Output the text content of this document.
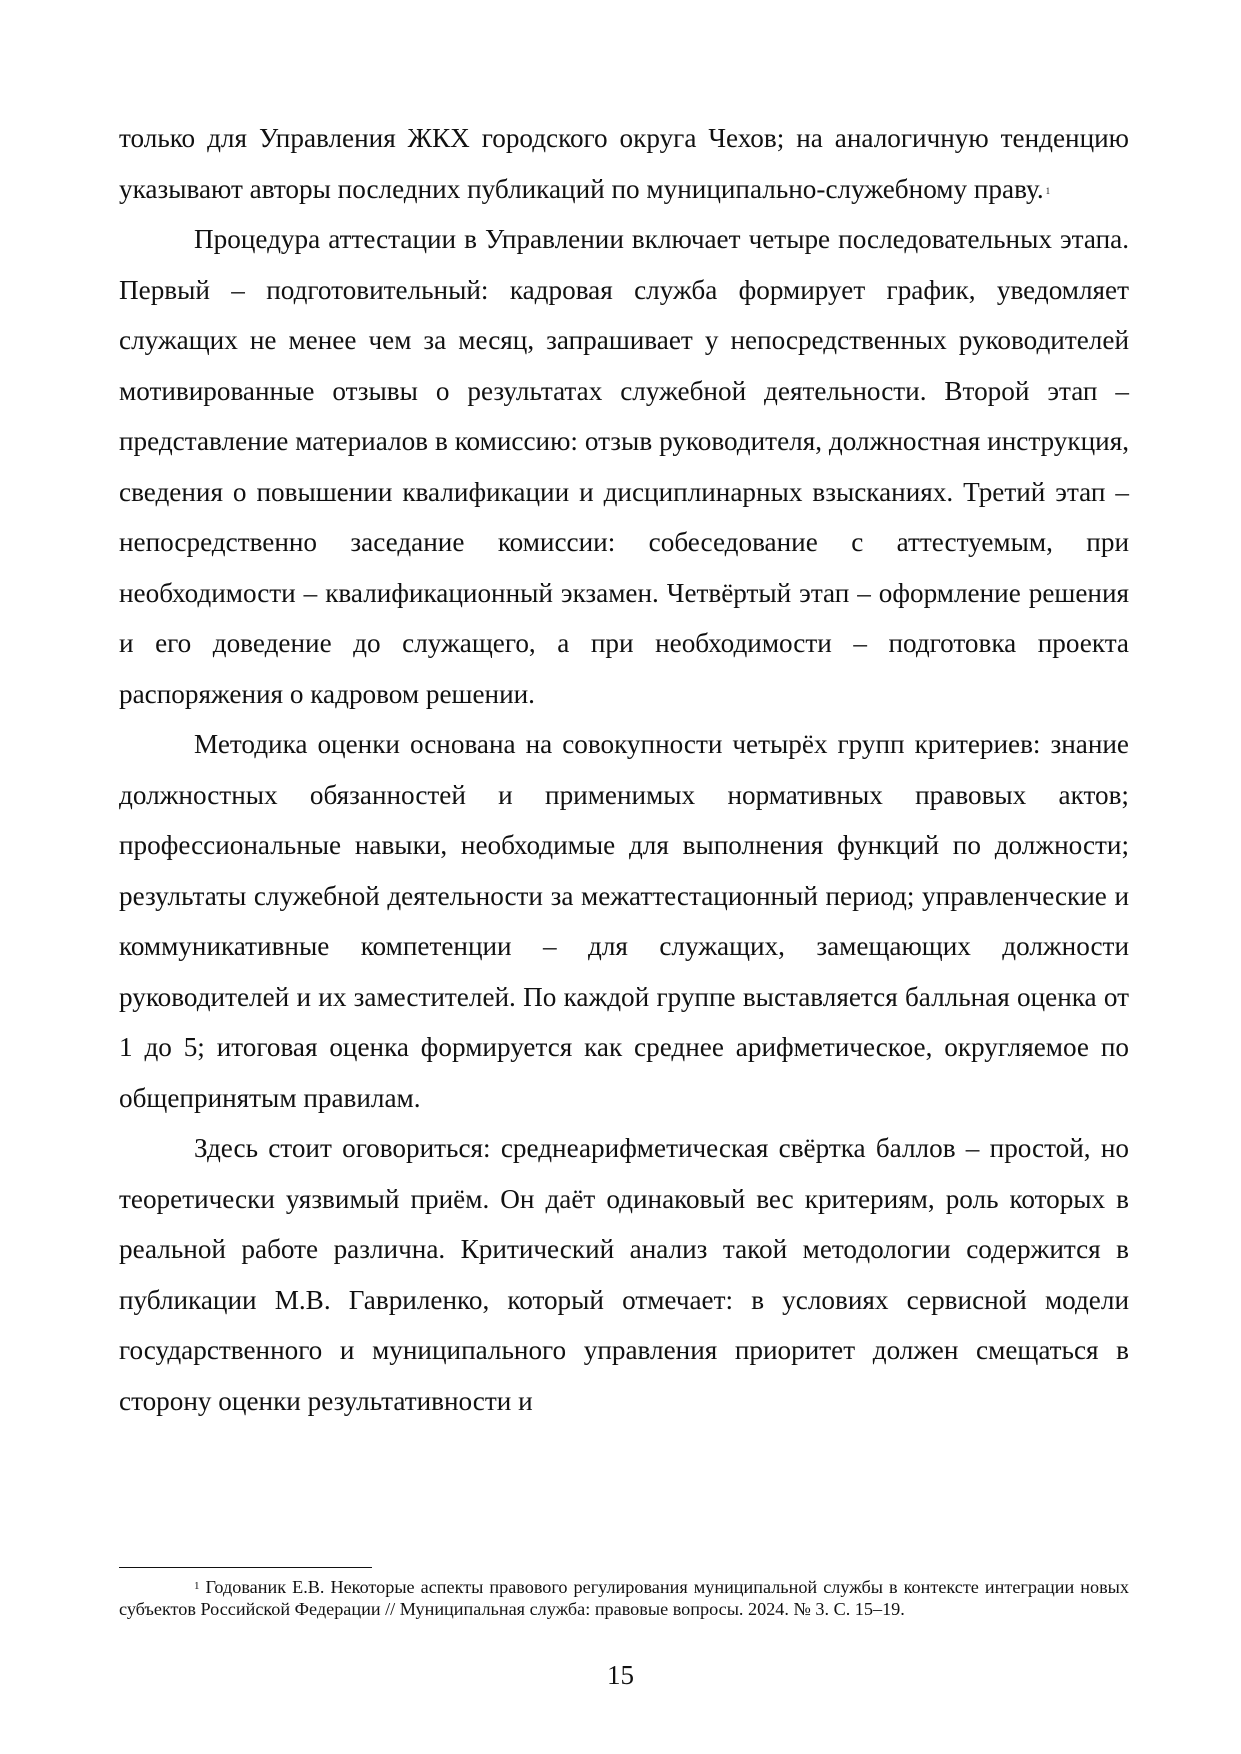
только для Управления ЖКХ городского округа Чехов; на аналогичную тенденцию указывают авторы последних публикаций по муниципально-служебному праву. $^1$

Процедура аттестации в Управлении включает четыре последовательных этапа. Первый – подготовительный: кадровая служба формирует график, уведомляет служащих не менее чем за месяц, запрашивает у непосредственных руководителей мотивированные отзывы о результатах служебной деятельности. Второй этап – представление материалов в комиссию: отзыв руководителя, должностная инструкция, сведения о повышении квалификации и дисциплинарных взысканиях. Третий этап – непосредственно заседание комиссии: собеседование с аттестуемым, при необходимости – квалификационный экзамен. Четвёртый этап – оформление решения и его доведение до служащего, а при необходимости – подготовка проекта распоряжения о кадровом решении.

Методика оценки основана на совокупности четырёх групп критериев: знание должностных обязанностей и применимых нормативных правовых актов; профессиональные навыки, необходимые для выполнения функций по должности; результаты служебной деятельности за межаттестационный период; управленческие и коммуникативные компетенции – для служащих, замещающих должности руководителей и их заместителей. По каждой группе выставляется балльная оценка от 1 до 5; итоговая оценка формируется как среднее арифметическое, округляемое по общепринятым правилам.

Здесь стоит оговориться: среднеарифметическая свёртка баллов – простой, но теоретически уязвимый приём. Он даёт одинаковый вес критериям, роль которых в реальной работе различна. Критический анализ такой методологии содержится в публикации М.В. Гавриленко, который отмечает: в условиях сервисной модели государственного и муниципального управления приоритет должен смещаться в сторону оценки результативности и

$^1$ Годованик Е.В. Некоторые аспекты правового регулирования муниципальной службы в контексте интеграции новых субъектов Российской Федерации // Муниципальная служба: правовые вопросы. 2024. № 3. С. 15–19.

15
